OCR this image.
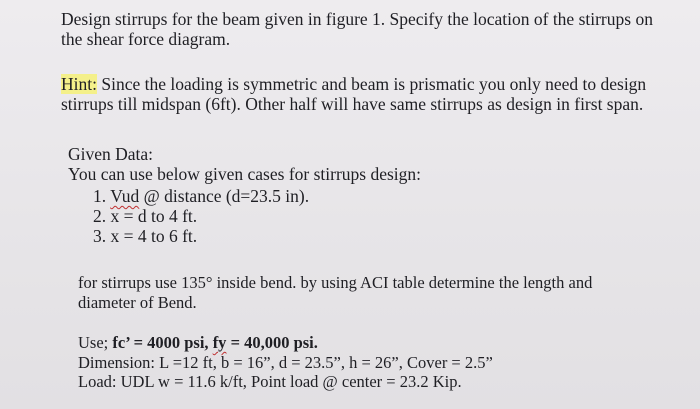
Design stirrups for the beam given in figure 1. Specify the location of the stirrups on
the shear force diagram.
Hint: Since the loading is symmetric and beam is prismatic you only need to design
stirrups till midspan (6ft). Other half will have same stirrups as design in first span.
Given Data:
You can use below given cases for stirrups design:
1. Vud @ distance (d=23.5 in).
2. x = d to 4 ft.
3. x = 4 to 6 ft.
for stirrups use 135° inside bend. by using ACI table determine the length and
diameter of Bend.
Use; fc’ = 4000 psi, fy = 40,000 psi.
Dimension: L =12 ft, b = 16”, d = 23.5”, h = 26”, Cover = 2.5”
Load: UDL w = 11.6 k/ft, Point load @ center = 23.2 Kip.
